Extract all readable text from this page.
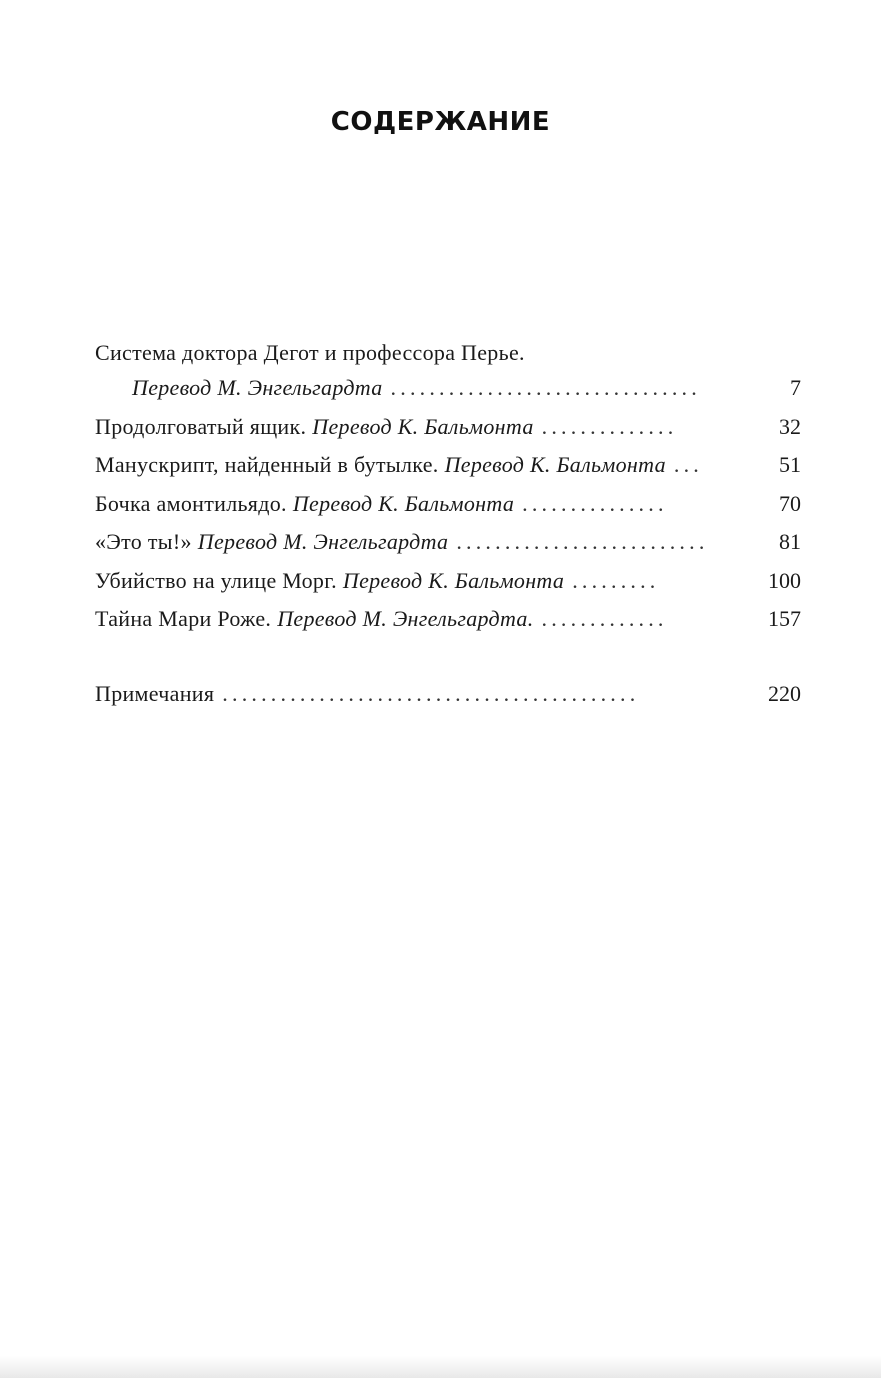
СОДЕРЖАНИЕ
Система доктора Дегот и профессора Перье.
Перевод М. Энгельгардта ................................	7
Продолговатый ящик. Перевод К. Бальмонта ..............	32
Манускрипт, найденный в бутылке. Перевод К. Бальмонта ...	51
Бочка амонтильядо. Перевод К. Бальмонта ...............	70
«Это ты!» Перевод М. Энгельгардта ..........................	81
Убийство на улице Морг. Перевод К. Бальмонта .........	100
Тайна Мари Роже. Перевод М. Энгельгардта. .............	157
Примечания ...........................................	220
